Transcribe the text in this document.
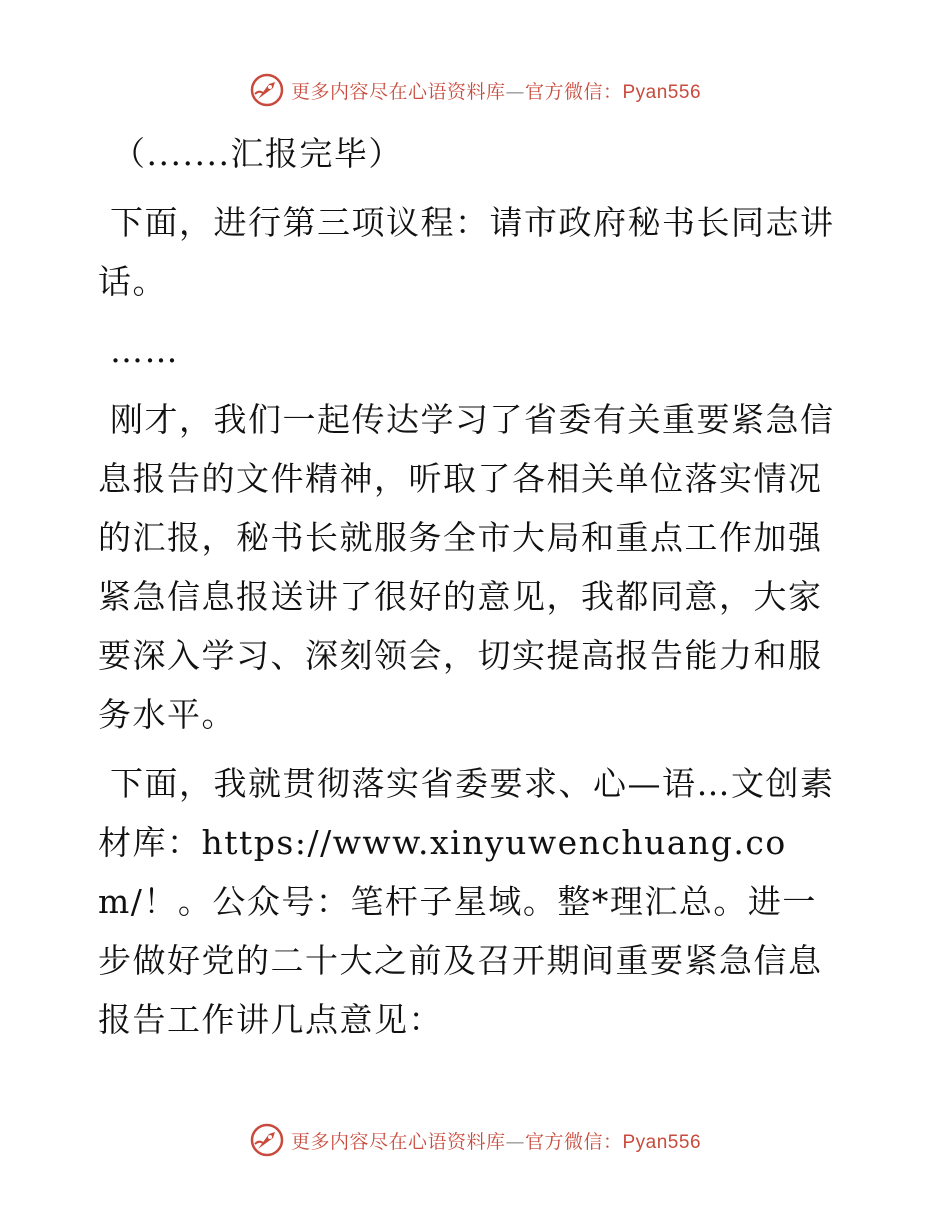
更多内容尽在心语资料库—官方微信：Pyan556

（.......汇报完毕）

下面，进行第三项议程：请市政府秘书长同志讲话。

……

刚才，我们一起传达学习了省委有关重要紧急信息报告的文件精神，听取了各相关单位落实情况的汇报，秘书长就服务全市大局和重点工作加强紧急信息报送讲了很好的意见，我都同意，大家要深入学习、深刻领会，切实提高报告能力和服务水平。

下面，我就贯彻落实省委要求、心—语…文创素材库：https://www.xinyuwenchuang.com/！。公众号：笔杆子星域。整*理汇总。进一步做好党的二十大之前及召开期间重要紧急信息报告工作讲几点意见：

更多内容尽在心语资料库—官方微信：Pyan556
